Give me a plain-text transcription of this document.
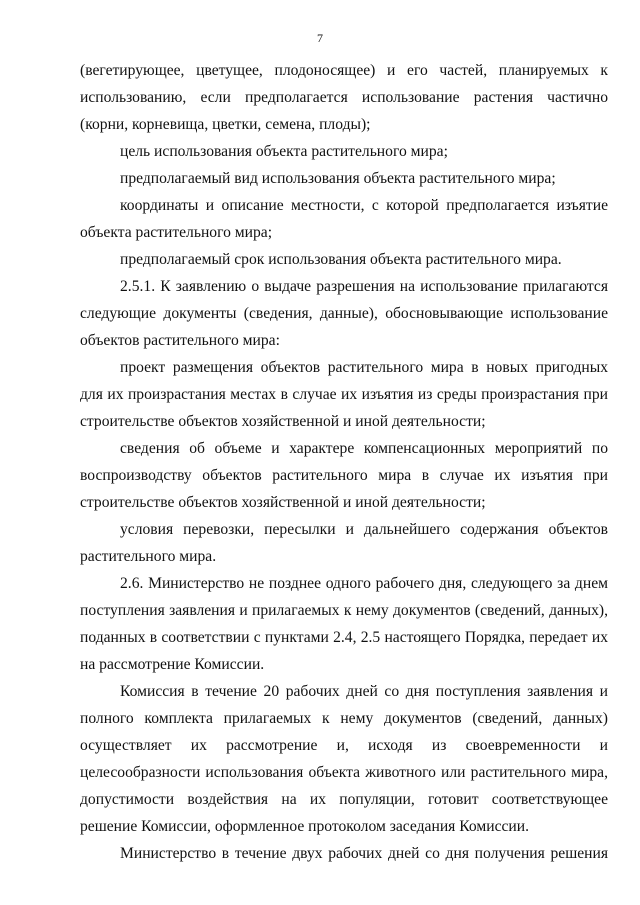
7

(вегетирующее, цветущее, плодоносящее) и его частей, планируемых к использованию, если предполагается использование растения частично (корни, корневища, цветки, семена, плоды);

цель использования объекта растительного мира;

предполагаемый вид использования объекта растительного мира;

координаты и описание местности, с которой предполагается изъятие объекта растительного мира;

предполагаемый срок использования объекта растительного мира.

2.5.1. К заявлению о выдаче разрешения на использование прилагаются следующие документы (сведения, данные), обосновывающие использование объектов растительного мира:

проект размещения объектов растительного мира в новых пригодных для их произрастания местах в случае их изъятия из среды произрастания при строительстве объектов хозяйственной и иной деятельности;

сведения об объеме и характере компенсационных мероприятий по воспроизводству объектов растительного мира в случае их изъятия при строительстве объектов хозяйственной и иной деятельности;

условия перевозки, пересылки и дальнейшего содержания объектов растительного мира.

2.6. Министерство не позднее одного рабочего дня, следующего за днем поступления заявления и прилагаемых к нему документов (сведений, данных), поданных в соответствии с пунктами 2.4, 2.5 настоящего Порядка, передает их на рассмотрение Комиссии.

Комиссия в течение 20 рабочих дней со дня поступления заявления и полного комплекта прилагаемых к нему документов (сведений, данных) осуществляет их рассмотрение и, исходя из своевременности и целесообразности использования объекта животного или растительного мира, допустимости воздействия на их популяции, готовит соответствующее решение Комиссии, оформленное протоколом заседания Комиссии.

Министерство в течение двух рабочих дней со дня получения решения
